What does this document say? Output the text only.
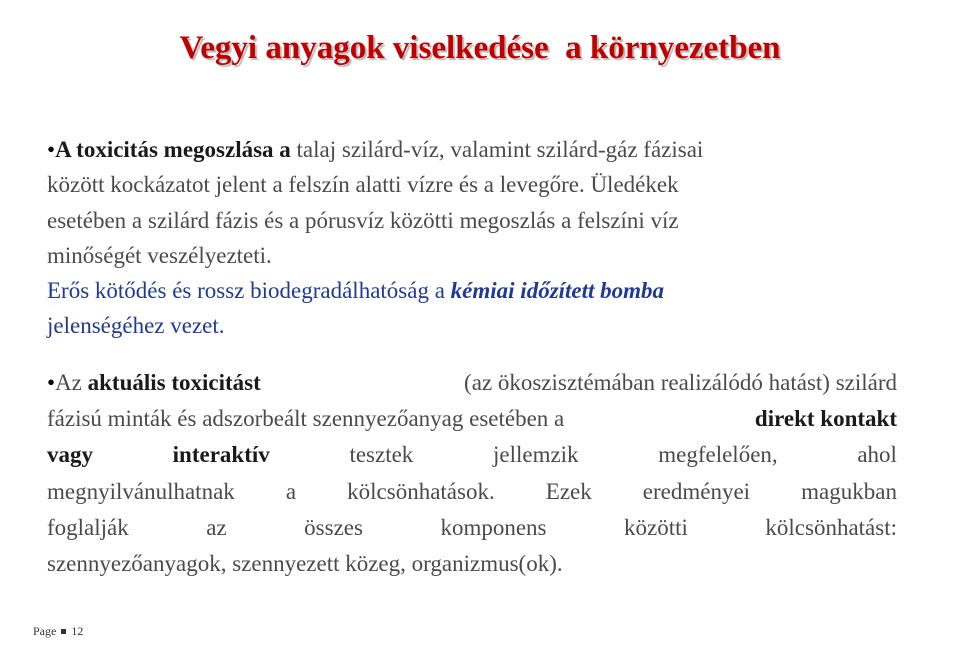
Vegyi anyagok viselkedése  a környezetben
•A toxicitás megoszlása a talaj szilárd-víz, valamint szilárd-gáz fázisai
között kockázatot jelent a felszín alatti vízre és a levegőre. Üledékek
esetében a szilárd fázis és a pórusvíz közötti megoszlás a felszíni víz
minőségét veszélyezteti.
Erős kötődés és rossz biodegradálhatóság a kémiai időzített bomba
jelenségéhez vezet.
•Az aktuális toxicitást	(az ökoszisztémában realizálódó hatást) szilárd
fázisú minták és adszorbeált szennyezőanyag esetében a	direkt kontakt
vagy	interaktív	tesztek	jellemzik	megfelelően,	ahol
megnyilvánulhatnak a kölcsönhatások. Ezek eredményei magukban
foglalják	az	összes	komponens	közötti	kölcsönhatást:
szennyezőanyagok, szennyezett közeg, organizmus(ok).
Page 12
